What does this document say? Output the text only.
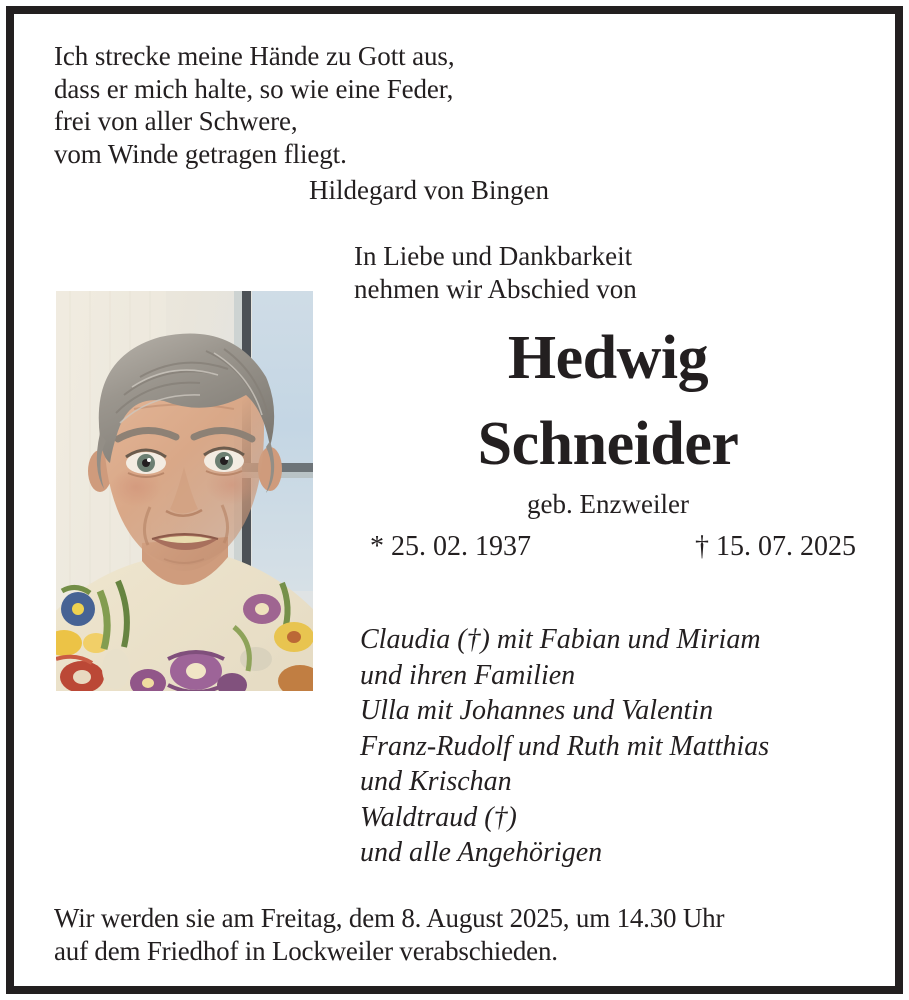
Ich strecke meine Hände zu Gott aus,
dass er mich halte, so wie eine Feder,
frei von aller Schwere,
vom Winde getragen fliegt.
Hildegard von Bingen
In Liebe und Dankbarkeit
nehmen wir Abschied von
Hedwig
Schneider
geb. Enzweiler
* 25. 02. 1937	† 15. 07. 2025
Claudia (†) mit Fabian und Miriam
und ihren Familien
Ulla mit Johannes und Valentin
Franz-Rudolf und Ruth mit Matthias
und Krischan
Waldtraud (†)
und alle Angehörigen
Wir werden sie am Freitag, dem 8. August 2025, um 14.30 Uhr
auf dem Friedhof in Lockweiler verabschieden.
